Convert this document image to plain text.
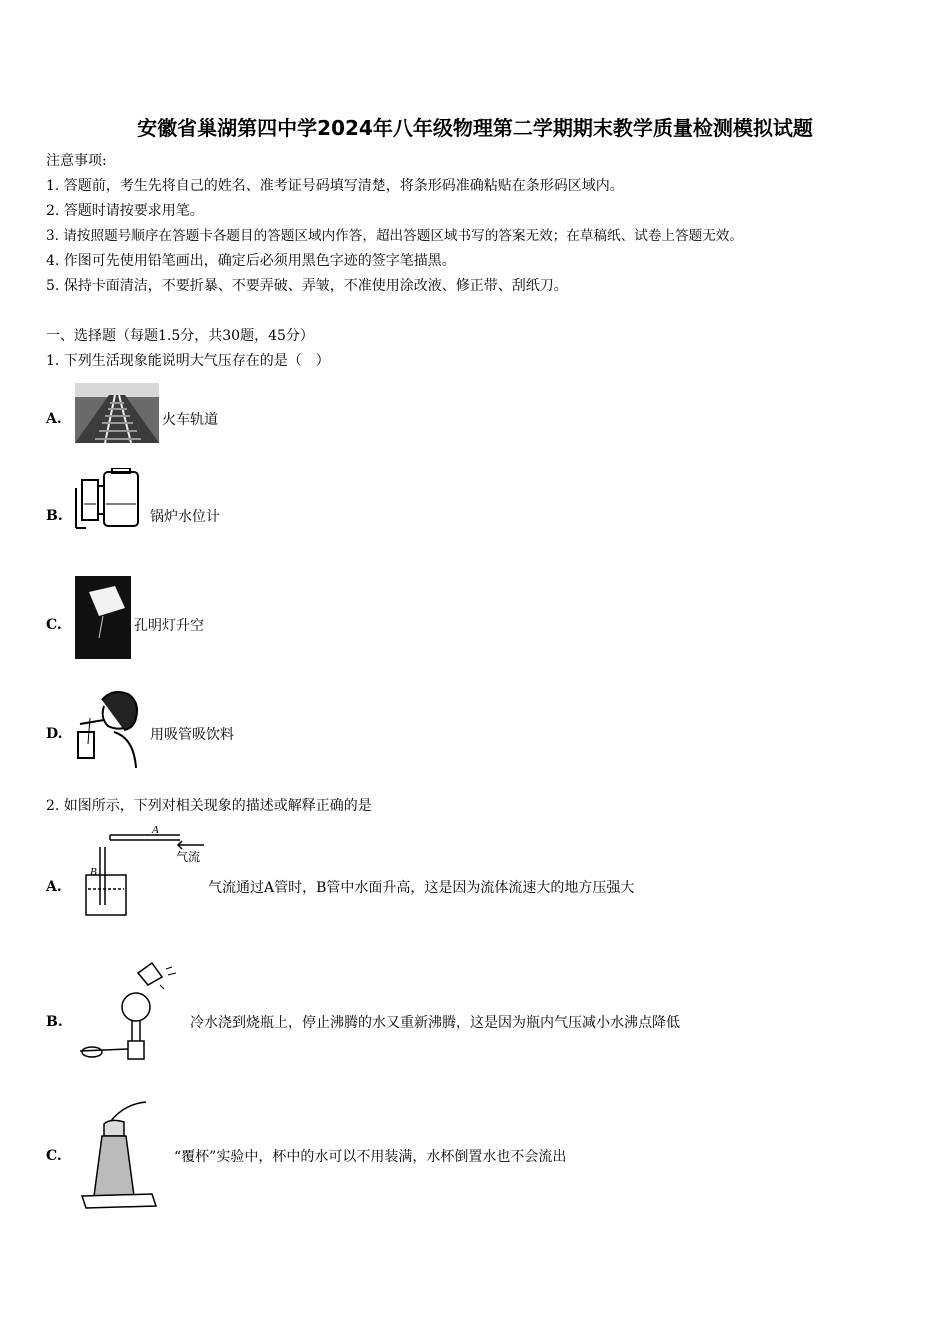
安徽省巢湖第四中学2024年八年级物理第二学期期末教学质量检测模拟试题
注意事项:
1. 答题前，考生先将自己的姓名、准考证号码填写清楚，将条形码准确粘贴在条形码区域内。
2. 答题时请按要求用笔。
3. 请按照题号顺序在答题卡各题目的答题区域内作答，超出答题区域书写的答案无效；在草稿纸、试卷上答题无效。
4. 作图可先使用铅笔画出，确定后必须用黑色字迹的签字笔描黑。
5. 保持卡面清洁，不要折暴、不要弄破、弄皱，不准使用涂改液、修正带、刮纸刀。
一、选择题（每题1.5分，共30题，45分）
1. 下列生活现象能说明大气压存在的是（　）
A.	火车轨道
B.	锅炉水位计
C.	孔明灯升空
D.	用吸管吸饮料
2. 如图所示，下列对相关现象的描述或解释正确的是
A.
A
B
气流
气流通过A管时，B管中水面升高，这是因为流体流速大的地方压强大
B.	冷水浇到烧瓶上，停止沸腾的水又重新沸腾，这是因为瓶内气压减小水沸点降低
C.	“覆杯”实验中，杯中的水可以不用装满，水杯倒置水也不会流出
